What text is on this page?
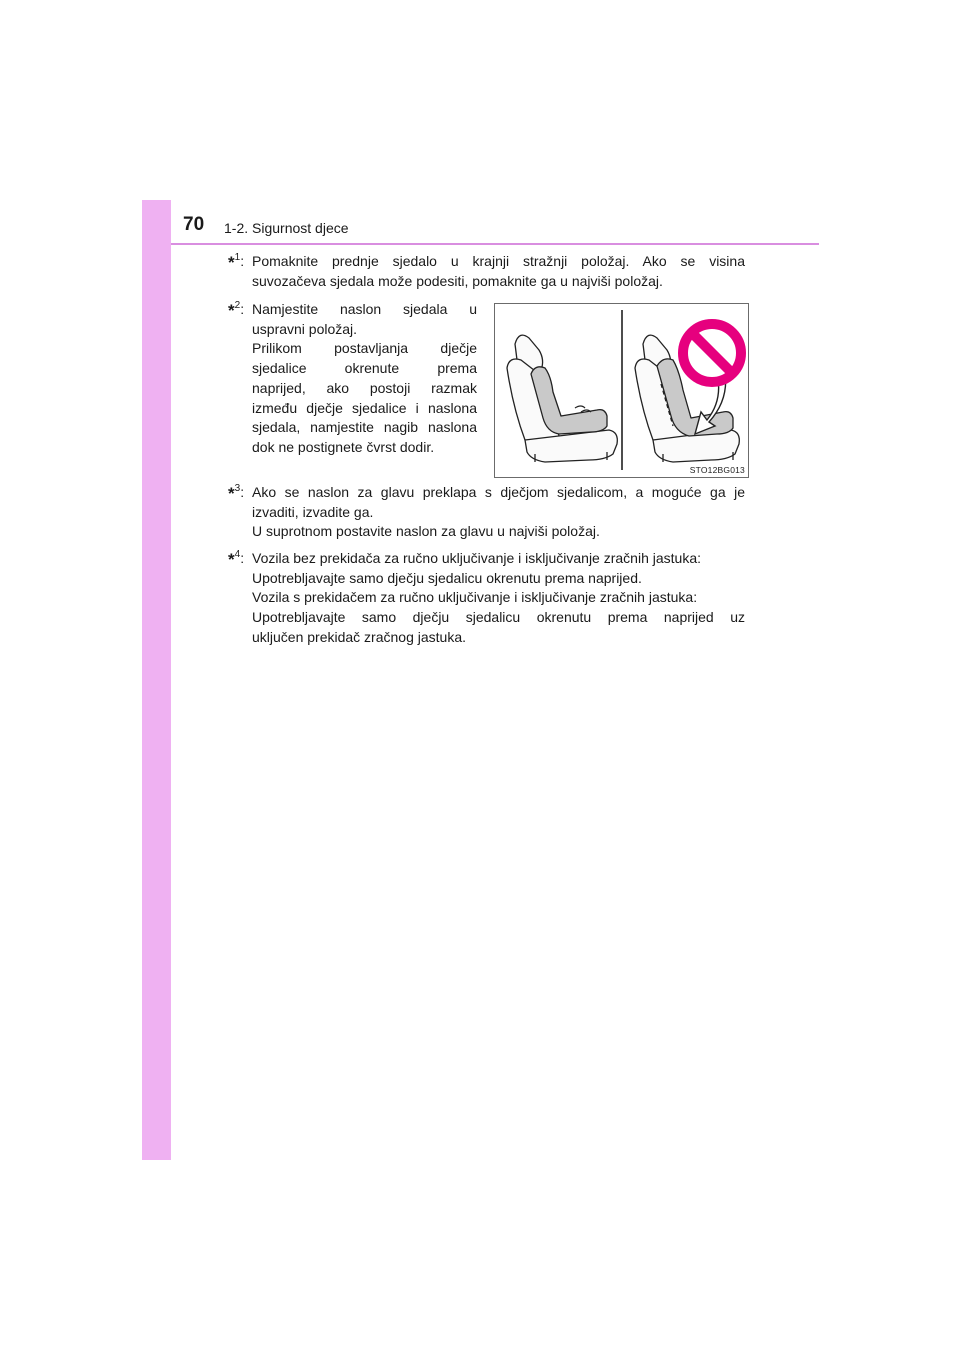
70 1-2. Sigurnost djece
*$^1$: Pomaknite prednje sjedalo u krajnji stražnji položaj. Ako se visina

suvozačeva sjedala može podesiti, pomaknite ga u najviši položaj.

*$^2$: Namjestite naslon sjedala u

uspravni položaj.

Prilikom postavljanja dječje

sjedalice okrenute prema

naprijed, ako postoji razmak

između dječje sjedalice i naslona

sjedala, namjestite nagib naslona

dok ne postignete čvrst dodir.

STO12BG013
*$^3$: Ako se naslon za glavu preklapa s dječjom sjedalicom, a moguće ga je

izvaditi, izvadite ga.

U suprotnom postavite naslon za glavu u najviši položaj.

*$^4$: Vozila bez prekidača za ručno uključivanje i isključivanje zračnih jastuka:

Upotrebljavajte samo dječju sjedalicu okrenutu prema naprijed.

Vozila s prekidačem za ručno uključivanje i isključivanje zračnih jastuka:

Upotrebljavajte samo dječju sjedalicu okrenutu prema naprijed uz

uključen prekidač zračnog jastuka.
